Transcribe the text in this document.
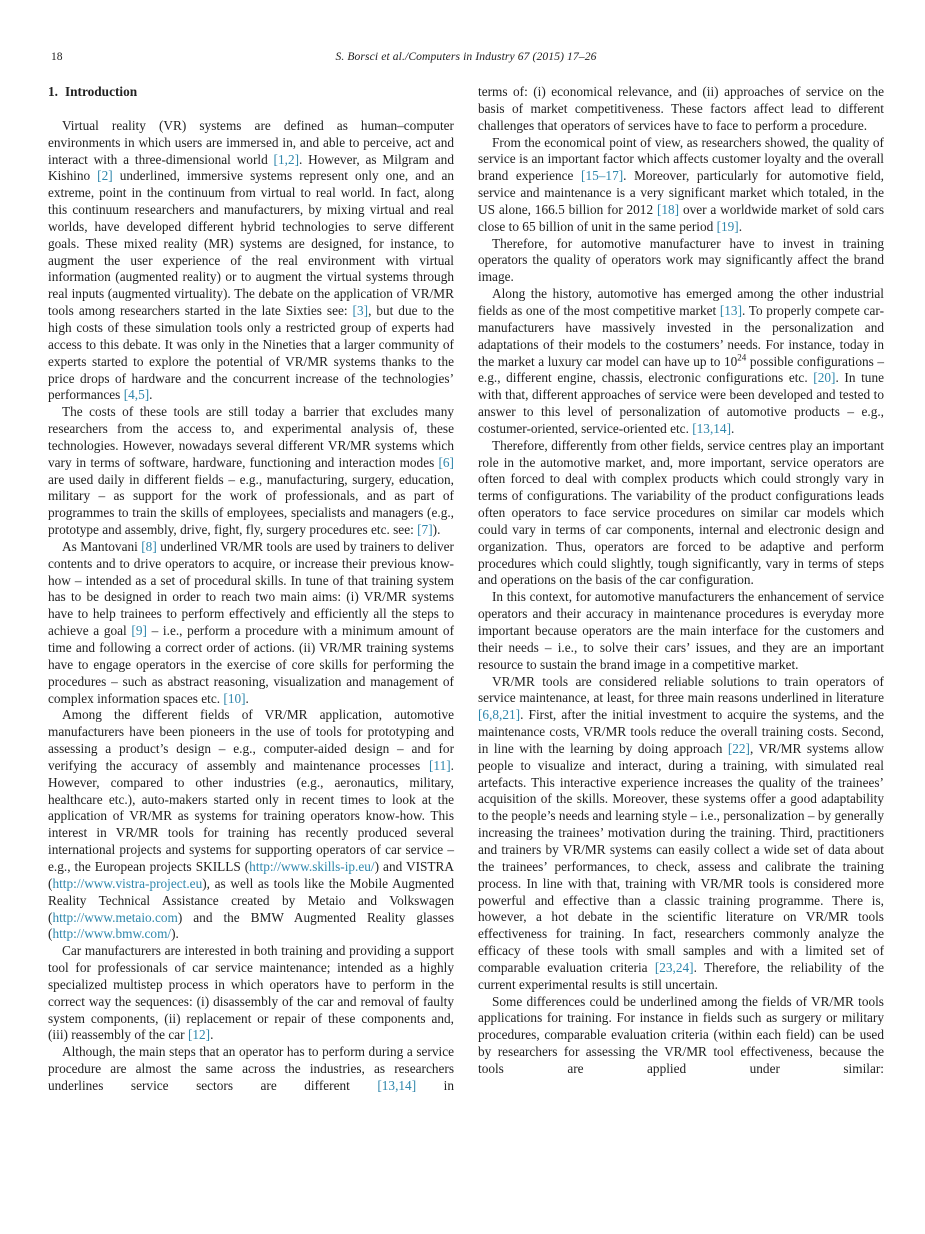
18	S. Borsci et al./Computers in Industry 67 (2015) 17–26
1. Introduction

Virtual reality (VR) systems are defined as human–computer environments in which users are immersed in, and able to perceive, act and interact with a three-dimensional world [1,2]. However, as Milgram and Kishino [2] underlined, immersive systems represent only one, and an extreme, point in the continuum from virtual to real world. In fact, along this continuum researchers and manufacturers, by mixing virtual and real worlds, have developed different hybrid technologies to serve different goals. These mixed reality (MR) systems are designed, for instance, to augment the user experience of the real environment with virtual information (augmented reality) or to augment the virtual systems through real inputs (augmented virtuality). The debate on the application of VR/MR tools among researchers started in the late Sixties see: [3], but due to the high costs of these simulation tools only a restricted group of experts had access to this debate. It was only in the Nineties that a larger community of experts started to explore the potential of VR/MR systems thanks to the price drops of hardware and the concurrent increase of the technologies’ performances [4,5].

The costs of these tools are still today a barrier that excludes many researchers from the access to, and experimental analysis of, these technologies. However, nowadays several different VR/MR systems which vary in terms of software, hardware, functioning and interaction modes [6] are used daily in different fields – e.g., manufacturing, surgery, education, military – as support for the work of professionals, and as part of programmes to train the skills of employees, specialists and managers (e.g., prototype and assembly, drive, fight, fly, surgery procedures etc. see: [7]).

As Mantovani [8] underlined VR/MR tools are used by trainers to deliver contents and to drive operators to acquire, or increase their previous know-how – intended as a set of procedural skills. In tune of that training system has to be designed in order to reach two main aims: (i) VR/MR systems have to help trainees to perform effectively and efficiently all the steps to achieve a goal [9] – i.e., perform a procedure with a minimum amount of time and following a correct order of actions. (ii) VR/MR training systems have to engage operators in the exercise of core skills for performing the procedures – such as abstract reasoning, visualization and management of complex information spaces etc. [10].

Among the different fields of VR/MR application, automotive manufacturers have been pioneers in the use of tools for prototyping and assessing a product’s design – e.g., computer-aided design – and for verifying the accuracy of assembly and maintenance processes [11]. However, compared to other industries (e.g., aeronautics, military, healthcare etc.), auto-makers started only in recent times to look at the application of VR/MR as systems for training operators know-how. This interest in VR/MR tools for training has recently produced several international projects and systems for supporting operators of car service – e.g., the European projects SKILLS (http://www.skills-ip.eu/) and VISTRA (http://www.vistra-project.eu), as well as tools like the Mobile Augmented Reality Technical Assistance created by Metaio and Volkswagen (http://www.metaio.com) and the BMW Augmented Reality glasses (http://www.bmw.com/).

Car manufacturers are interested in both training and providing a support tool for professionals of car service maintenance; intended as a highly specialized multistep process in which operators have to perform in the correct way the sequences: (i) disassembly of the car and removal of faulty system components, (ii) replacement or repair of these components and, (iii) reassembly of the car [12].

Although, the main steps that an operator has to perform during a service procedure are almost the same across the industries, as researchers underlines service sectors are different [13,14] in

terms of: (i) economical relevance, and (ii) approaches of service on the basis of market competitiveness. These factors affect lead to different challenges that operators of services have to face to perform a procedure.

From the economical point of view, as researchers showed, the quality of service is an important factor which affects customer loyalty and the overall brand experience [15–17]. Moreover, particularly for automotive field, service and maintenance is a very significant market which totaled, in the US alone, 166.5 billion for 2012 [18] over a worldwide market of sold cars close to 65 billion of unit in the same period [19].

Therefore, for automotive manufacturer have to invest in training operators the quality of operators work may significantly affect the brand image.

Along the history, automotive has emerged among the other industrial fields as one of the most competitive market [13]. To properly compete car-manufacturers have massively invested in the personalization and adaptations of their models to the costumers’ needs. For instance, today in the market a luxury car model can have up to $10^{24}$ possible configurations – e.g., different engine, chassis, electronic configurations etc. [20]. In tune with that, different approaches of service were been developed and tested to answer to this level of personalization of automotive products – e.g., costumer-oriented, service-oriented etc. [13,14].

Therefore, differently from other fields, service centres play an important role in the automotive market, and, more important, service operators are often forced to deal with complex products which could strongly vary in terms of configurations. The variability of the product configurations leads often operators to face service procedures on similar car models which could vary in terms of car components, internal and electronic design and organization. Thus, operators are forced to be adaptive and perform procedures which could slightly, tough significantly, vary in terms of steps and operations on the basis of the car configuration.

In this context, for automotive manufacturers the enhancement of service operators and their accuracy in maintenance procedures is everyday more important because operators are the main interface for the customers and their needs – i.e., to solve their cars’ issues, and they are an important resource to sustain the brand image in a competitive market.

VR/MR tools are considered reliable solutions to train operators of service maintenance, at least, for three main reasons underlined in literature [6,8,21]. First, after the initial investment to acquire the systems, and the maintenance costs, VR/MR tools reduce the overall training costs. Second, in line with the learning by doing approach [22], VR/MR systems allow people to visualize and interact, during a training, with simulated real artefacts. This interactive experience increases the quality of the trainees’ acquisition of the skills. Moreover, these systems offer a good adaptability to the people’s needs and learning style – i.e., personalization – by generally increasing the trainees’ motivation during the training. Third, practitioners and trainers by VR/MR systems can easily collect a wide set of data about the trainees’ performances, to check, assess and calibrate the training process. In line with that, training with VR/MR tools is considered more powerful and effective than a classic training programme. There is, however, a hot debate in the scientific literature on VR/MR tools effectiveness for training. In fact, researchers commonly analyze the efficacy of these tools with small samples and with a limited set of comparable evaluation criteria [23,24]. Therefore, the reliability of the current experimental results is still uncertain.

Some differences could be underlined among the fields of VR/MR tools applications for training. For instance in fields such as surgery or military procedures, comparable evaluation criteria (within each field) can be used by researchers for assessing the VR/MR tool effectiveness, because the tools are applied under similar:
